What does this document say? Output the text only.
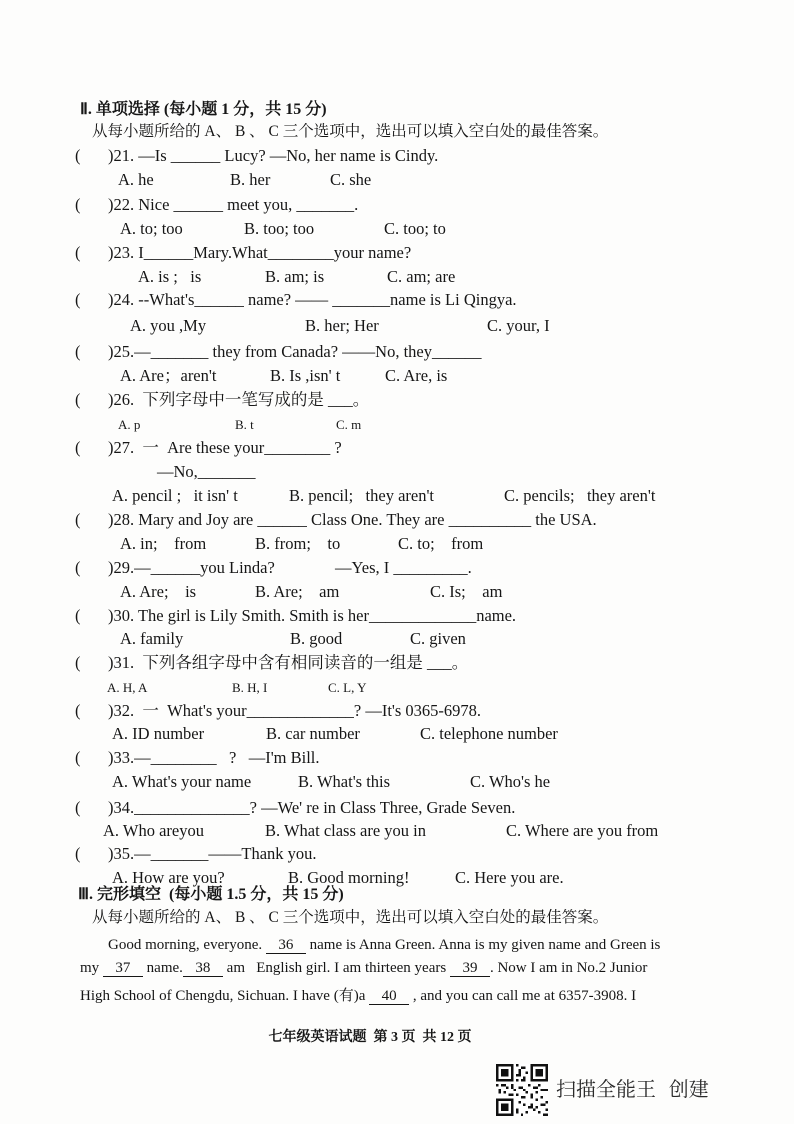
Ⅱ. 单项选择 (每小题 1 分，共 15 分)
从每小题所给的 A、 B 、 C 三个选项中，选出可以填入空白处的最佳答案。
( )21. —Is ______ Lucy? —No, her name is Cindy.
A. he	B. her	C. she
( )22. Nice ______ meet you, _______.
A. to; too	B. too; too	C. too; to
( )23. I______Mary.What________your name?
A. is ;   is	B. am; is	C. am; are
( )24. --What's______ name? —— _______name is Li Qingya.
A. you ,My	B. her; Her	C. your, I
( )25.—_______ they from Canada? ——No, they______
A. Are；aren't	B. Is ,isn' t	C. Are, is
( )26.  下列字母中一笔写成的是 ___。
A. p	B. t	C. m
( )27.  一  Are these your________ ?
—No,_______
A. pencil ;   it isn' t	B. pencil;   they aren't	C. pencils;   they aren't
( )28. Mary and Joy are ______ Class One. They are __________ the USA.
A. in;    from	B. from;    to	C. to;    from
( )29.—______you Linda?	—Yes, I _________.
A. Are;    is	B. Are;    am	C. Is;    am
( )30. The girl is Lily Smith. Smith is her_____________name.
A. family	B. good	C. given
( )31.  下列各组字母中含有相同读音的一组是 ___。
A. H, A	B. H, I	C. L, Y
( )32.  一  What's your_____________? —It's 0365-6978.
A. ID number	B. car number	C. telephone number
( )33.—________   ?   —I'm Bill.
A. What's your name	B. What's this	C. Who's he
( )34.______________? —We' re in Class Three, Grade Seven.
A. Who areyou	B. What class are you in	C. Where are you from
( )35.—_______——Thank you.
A. How are you?	B. Good morning!	C. Here you are.
Ⅲ. 完形填空  (每小题 1.5 分，共 15 分)
从每小题所给的 A、 B 、 C 三个选项中，选出可以填入空白处的最佳答案。
Good morning, everyone. 36 name is Anna Green. Anna is my given name and Green is
my 37 name. 38 am   English girl. I am thirteen years 39 . Now I am in No.2 Junior
High School of Chengdu, Sichuan. I have (有)a 40 , and you can call me at 6357-3908. I
七年级英语试题  第 3 页  共 12 页
扫描全能王  创建
